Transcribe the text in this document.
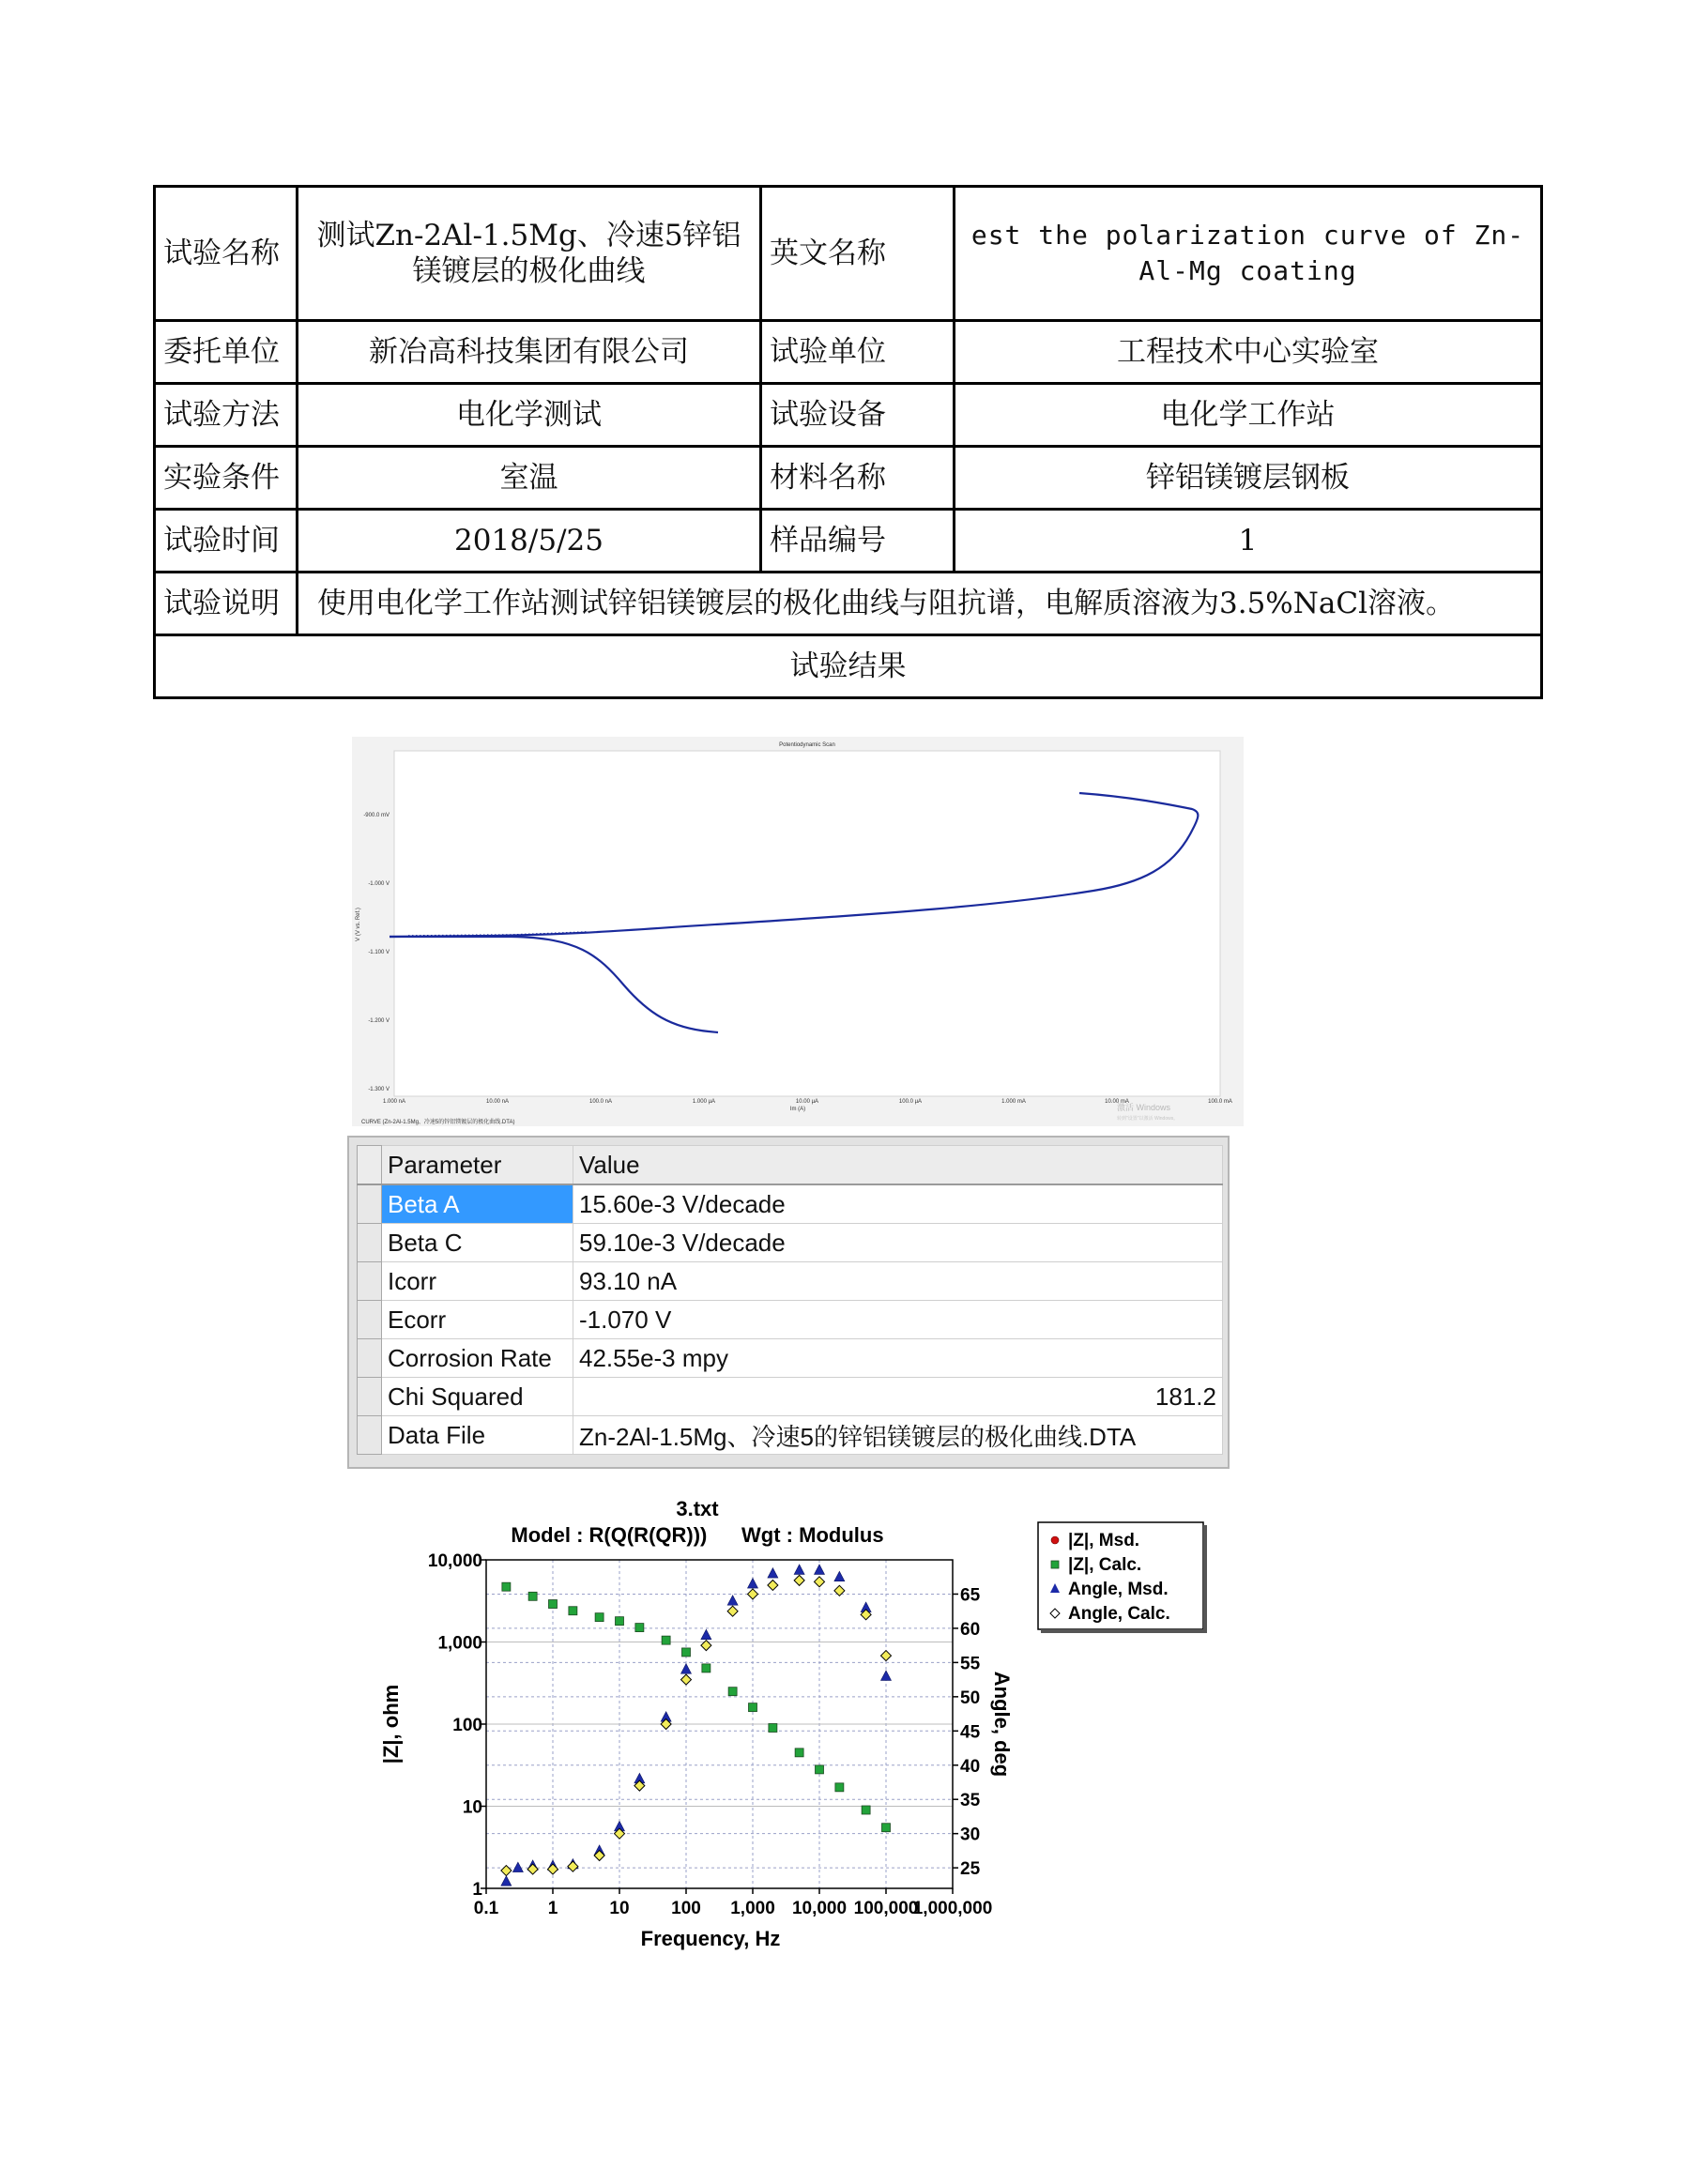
试验名称	测试Zn-2Al-1.5Mg、冷速5锌铝镁镀层的极化曲线	英文名称	est the polarization curve of Zn-Al-Mg coating
委托单位	新冶高科技集团有限公司	试验单位	工程技术中心实验室
试验方法	电化学测试	试验设备	电化学工作站
实验条件	室温	材料名称	锌铝镁镀层钢板
试验时间	2018/5/25	样品编号	1
试验说明	使用电化学工作站测试锌铝镁镀层的极化曲线与阻抗谱，电解质溶液为3.5%NaCl溶液。		
试验结果			
Potentiodynamic Scan
V (V vs. Ref.)
Im (A)
-900.0 mV
-1.000 V
-1.100 V
-1.200 V
-1.300 V
1.000 nA	10.00 nA	100.0 nA	1.000 µA	10.00 µA	100.0 µA	1.000 mA	10.00 mA	100.0 mA
CURVE (Zn-2Al-1.5Mg、冷速5的锌铝镁镀层的极化曲线.DTA)
激活 Windows
转到"设置"以激活 Windows。
	Parameter	Value
	Beta A	15.60e-3 V/decade
	Beta C	59.10e-3 V/decade
	Icorr	93.10 nA
	Ecorr	-1.070 V
	Corrosion Rate	42.55e-3 mpy
	Chi Squared	181.2
	Data File	Zn-2Al-1.5Mg、冷速5的锌铝镁镀层的极化曲线.DTA
3.txt
Model : R(Q(R(QR)))      Wgt : Modulus
1
10
100
1,000
10,000
25
30
35
40
45
50
55
60
65
0.1	1	10 100 1,000 10,000 100,000
1,000,000
|Z|, ohm	Angle, deg
Frequency, Hz
|Z|, Msd.
|Z|, Calc.
Angle, Msd.
Angle, Calc.
